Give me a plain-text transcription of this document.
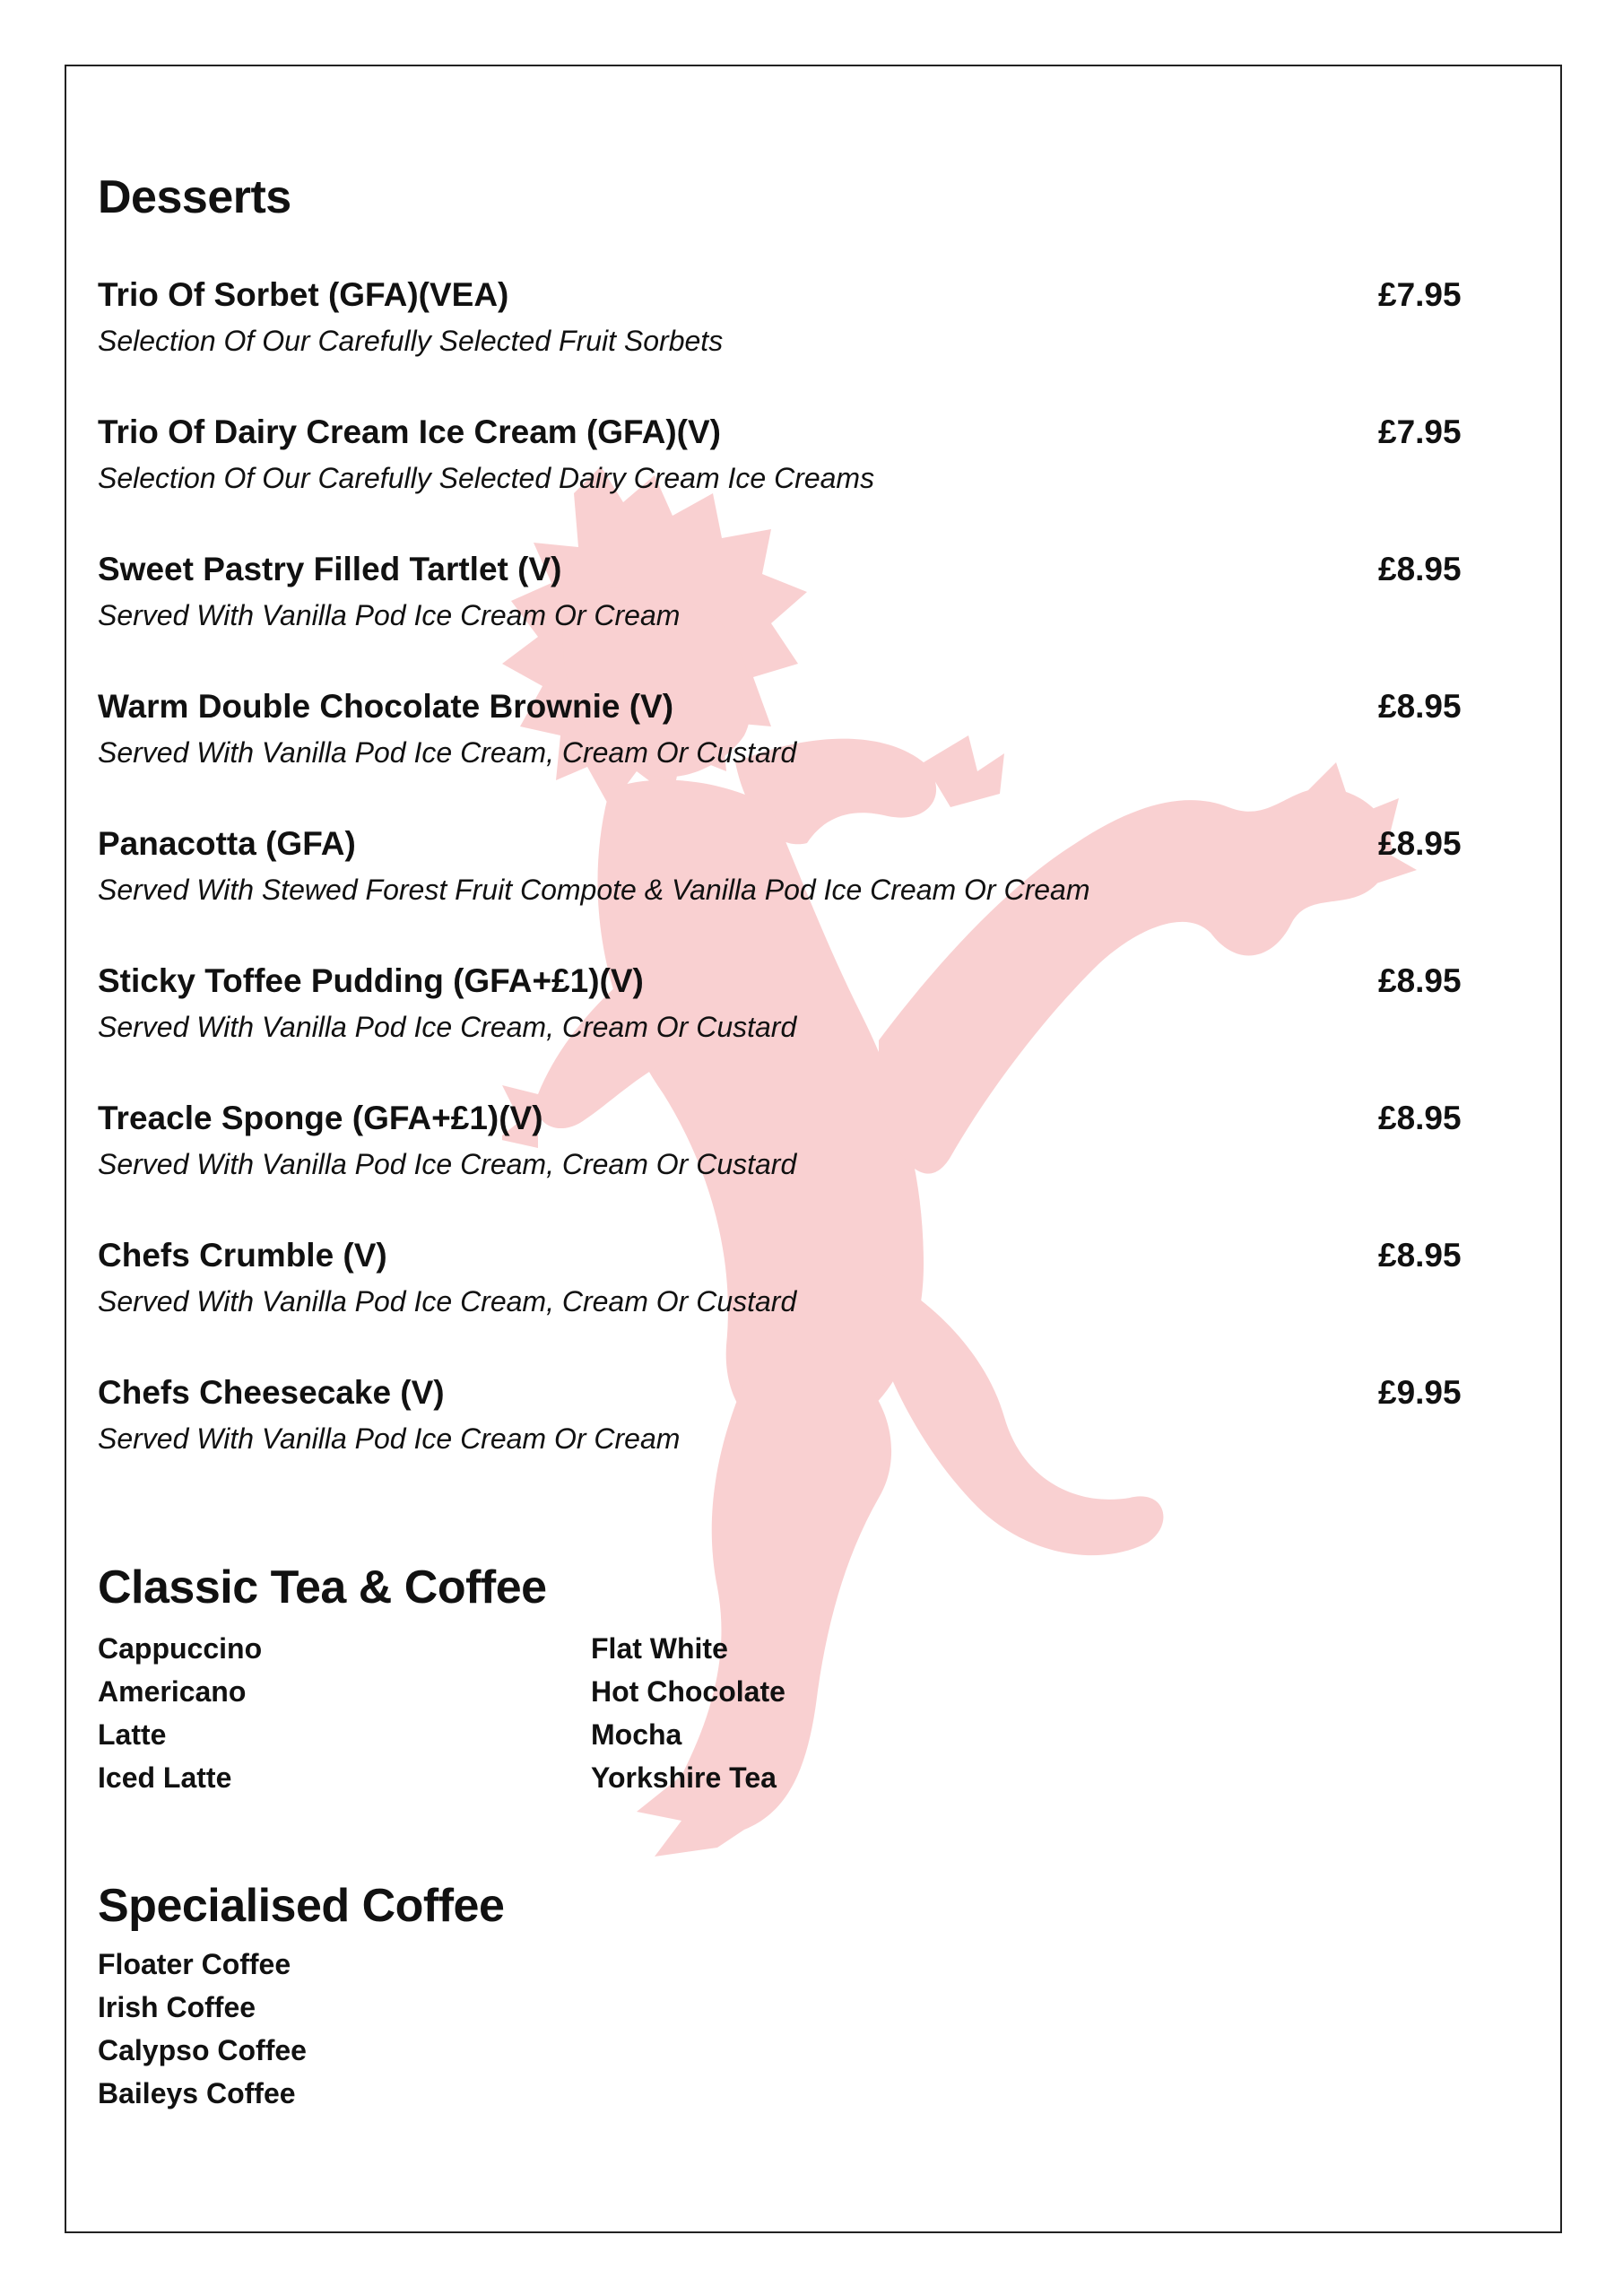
Desserts
Trio Of Sorbet (GFA)(VEA)	£7.95
Selection Of Our Carefully Selected Fruit Sorbets
Trio Of Dairy Cream Ice Cream (GFA)(V)	£7.95
Selection Of Our Carefully Selected Dairy Cream Ice Creams
Sweet Pastry Filled Tartlet (V)	£8.95
Served With Vanilla Pod Ice Cream Or Cream
Warm Double Chocolate Brownie (V)	£8.95
Served With Vanilla Pod Ice Cream, Cream Or Custard
Panacotta (GFA)	£8.95
Served With Stewed Forest Fruit Compote & Vanilla Pod Ice Cream Or Cream
Sticky Toffee Pudding (GFA+£1)(V)	£8.95
Served With Vanilla Pod Ice Cream, Cream Or Custard
Treacle Sponge (GFA+£1)(V)	£8.95
Served With Vanilla Pod Ice Cream, Cream Or Custard
Chefs Crumble (V)	£8.95
Served With Vanilla Pod Ice Cream, Cream Or Custard
Chefs Cheesecake (V)	£9.95
Served With Vanilla Pod Ice Cream Or Cream
Classic Tea & Coffee
Cappuccino
Americano
Latte
Iced Latte
Flat White
Hot Chocolate
Mocha
Yorkshire Tea
Specialised Coffee
Floater Coffee
Irish Coffee
Calypso Coffee
Baileys Coffee
